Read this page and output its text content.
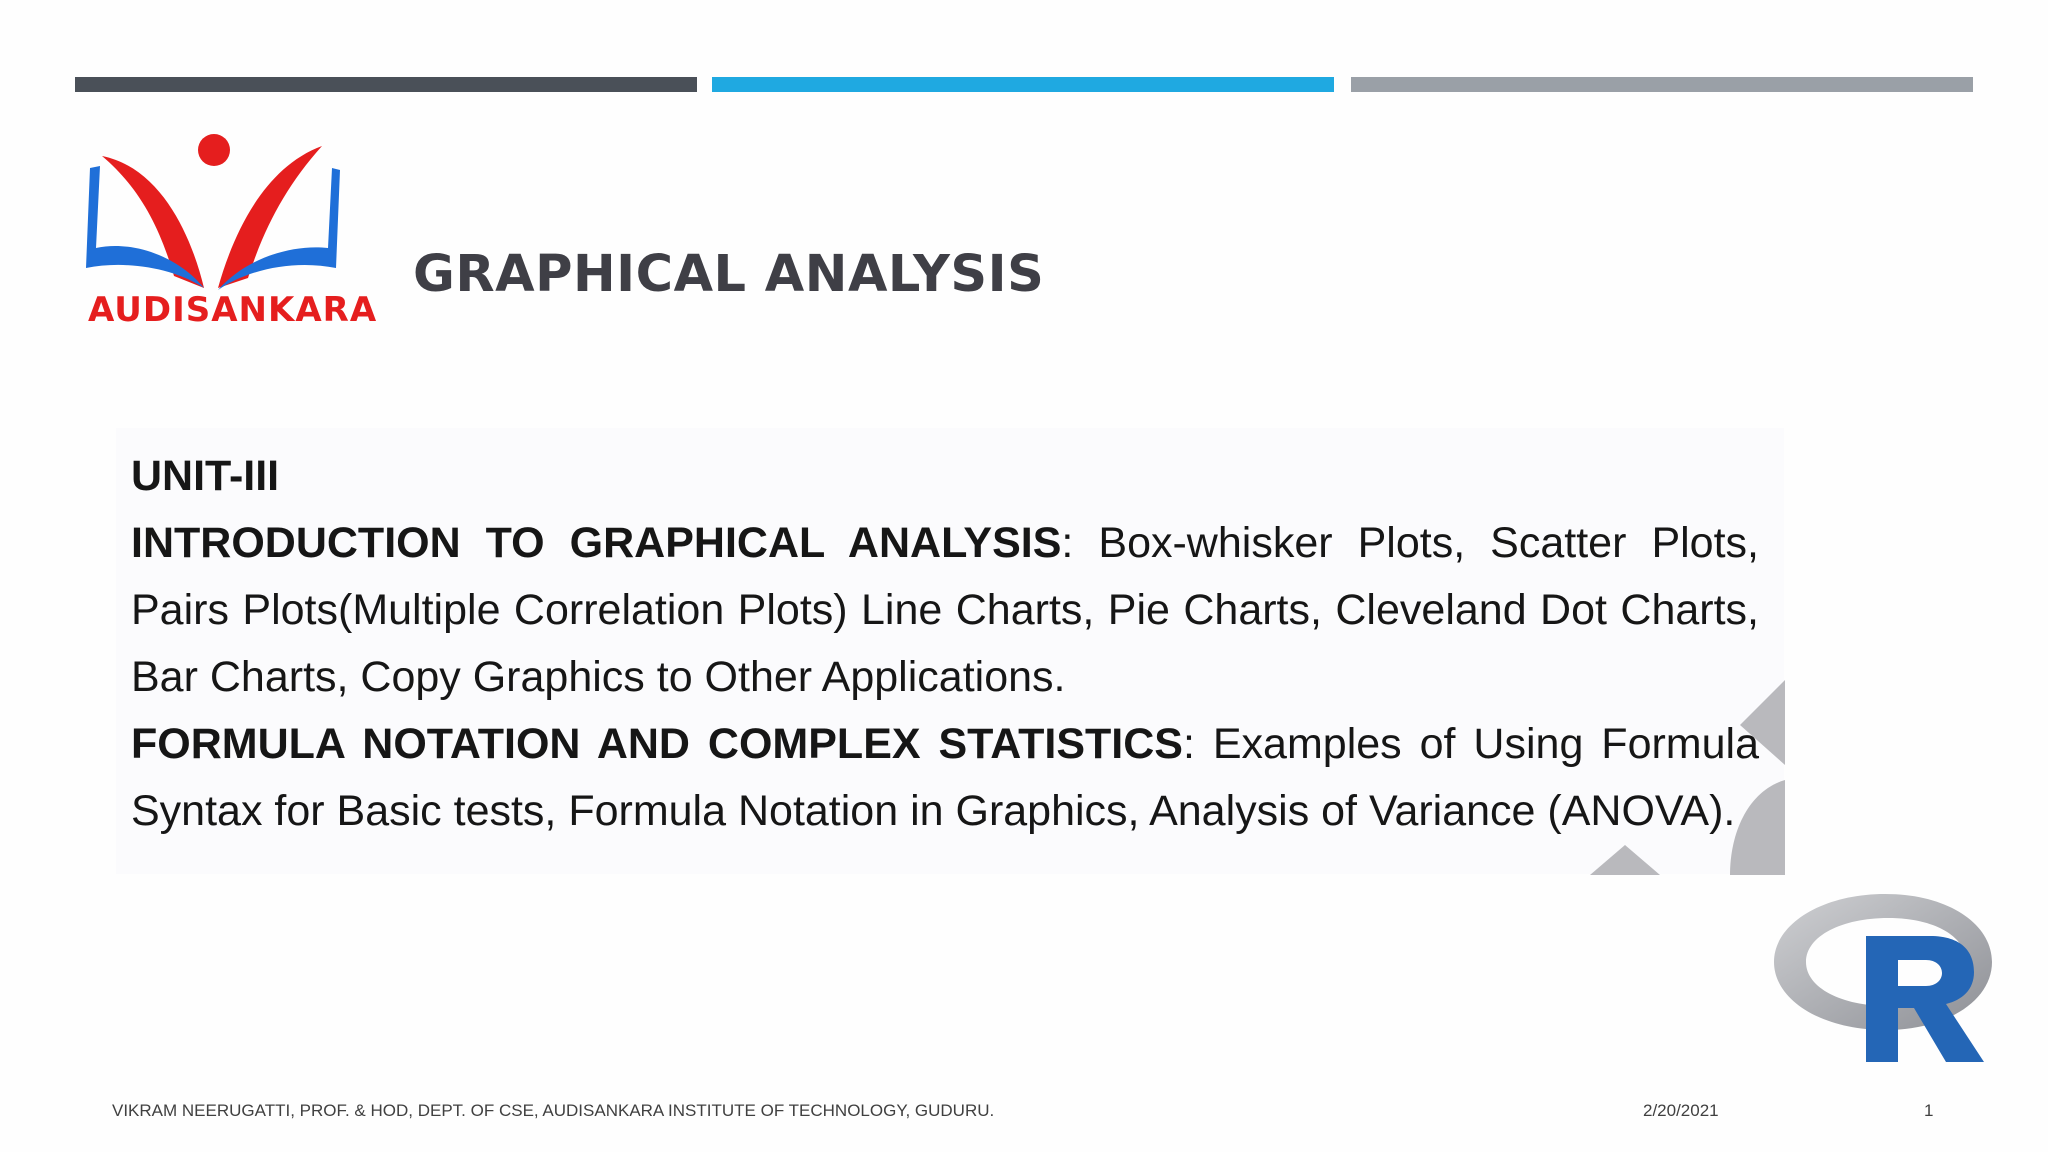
AUDISANKARA
GRAPHICAL ANALYSIS

UNIT-III

INTRODUCTION TO GRAPHICAL ANALYSIS: Box-whisker Plots, Scatter Plots, Pairs Plots(Multiple Correlation Plots) Line Charts, Pie Charts, Cleveland Dot Charts, Bar Charts, Copy Graphics to Other Applications.

FORMULA NOTATION AND COMPLEX STATISTICS: Examples of Using Formula Syntax for Basic tests, Formula Notation in Graphics, Analysis of Variance (ANOVA).

VIKRAM NEERUGATTI, PROF. & HOD, DEPT. OF CSE, AUDISANKARA INSTITUTE OF TECHNOLOGY, GUDURU.	2/20/2021	1
